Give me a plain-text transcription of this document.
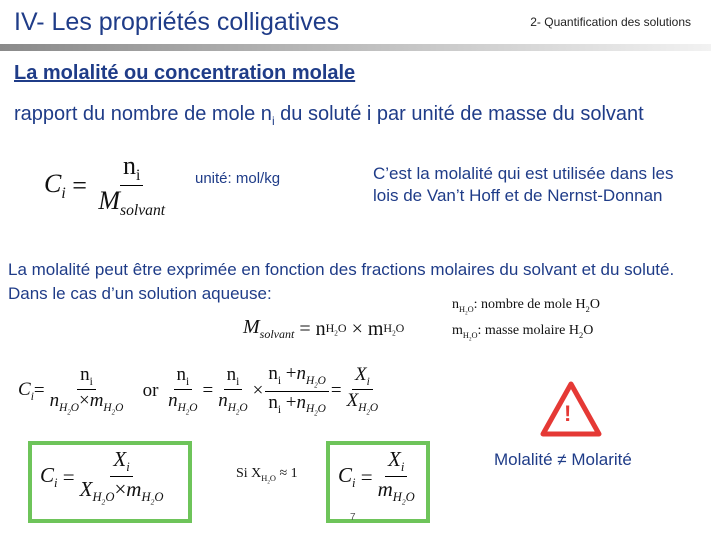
IV- Les propriétés colligatives	2- Quantification des solutions
La molalité ou concentration molale
rapport du nombre de mole $n_i$ du soluté i par unité de masse du solvant
$C_i = \frac{n_i}{M_{solvant}}$ unité: mol/kg	C’est la molalité qui est utilisée dans les lois de Van’t Hoff et de Nernst-Donnan
La molalité peut être exprimée en fonction des fractions molaires du solvant et du soluté. Dans le cas d’un solution aqueuse:
$M_{solvant} = n$ $H_2O \times m$ $H_2O$
$n_{H_2O}$: nombre de mole $H_2O$
$m_{H_2O}$: masse molaire $H_2O$
$C_i = \frac{n_i}{n_{H_2O}\times m_{H_2O}}$
or
$\frac{n_i}{n_{H_2O}} = \frac{n_i}{n_{H_2O}} \times \frac{n_i +n_{H_2O}}{n_i +n_{H_2O}} = \frac{X_i}{X_{H_2O}}$
$C_i = \frac{X_i}{X_{H_2O}\times m_{H_2O}}$	Si $X_{H_2O} \approx 1$ $C_i = \frac{X_i}{m_{H_2O}}$
!
Molalité ≠ Molarité
7
